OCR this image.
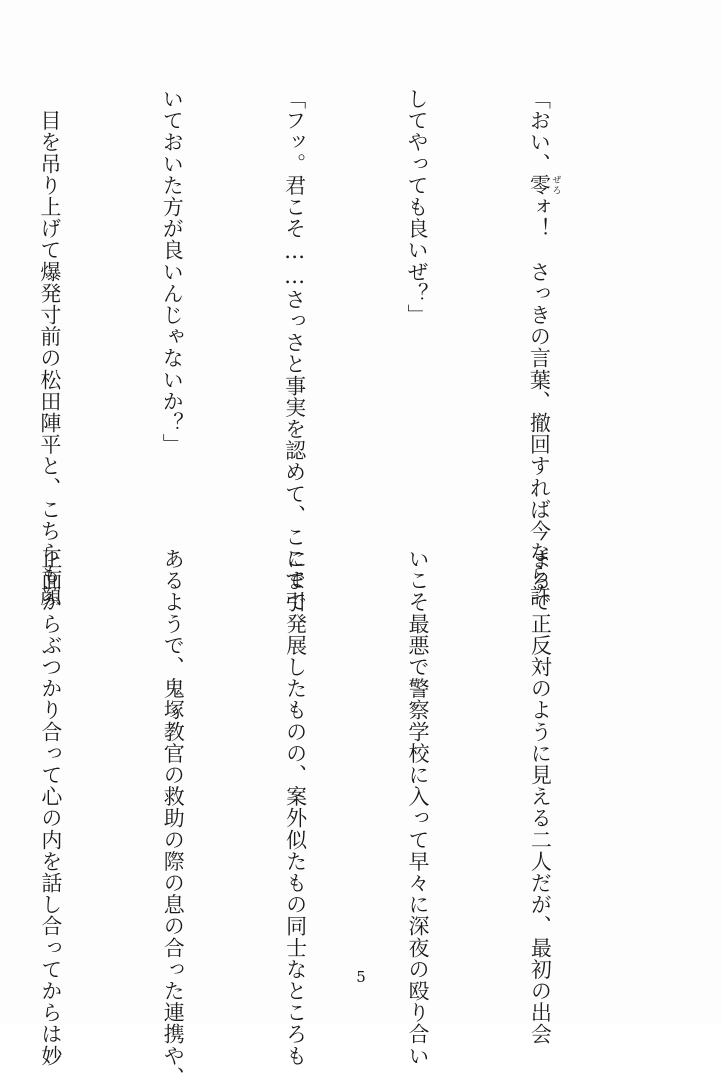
「おい、零 ぜろォ！　さっきの言葉、撤回すれば今なら許

してやっても良いぜ？」

「フッ。君こそ……さっさと事実を認めて、ここで引

いておいた方が良いんじゃないか？」

　目を吊り上げて爆発寸前の松田陣平と、こちらも顔

まるで正反対のように見える二人だが、最初の出会

いこそ最悪で警察学校に入って早々に深夜の殴り合い

にまで発展したものの、案外似たもの同士なところも

あるようで、鬼塚教官の救助の際の息の合った連携や、

正面からぶつかり合って心の内を話し合ってからは妙

	5
